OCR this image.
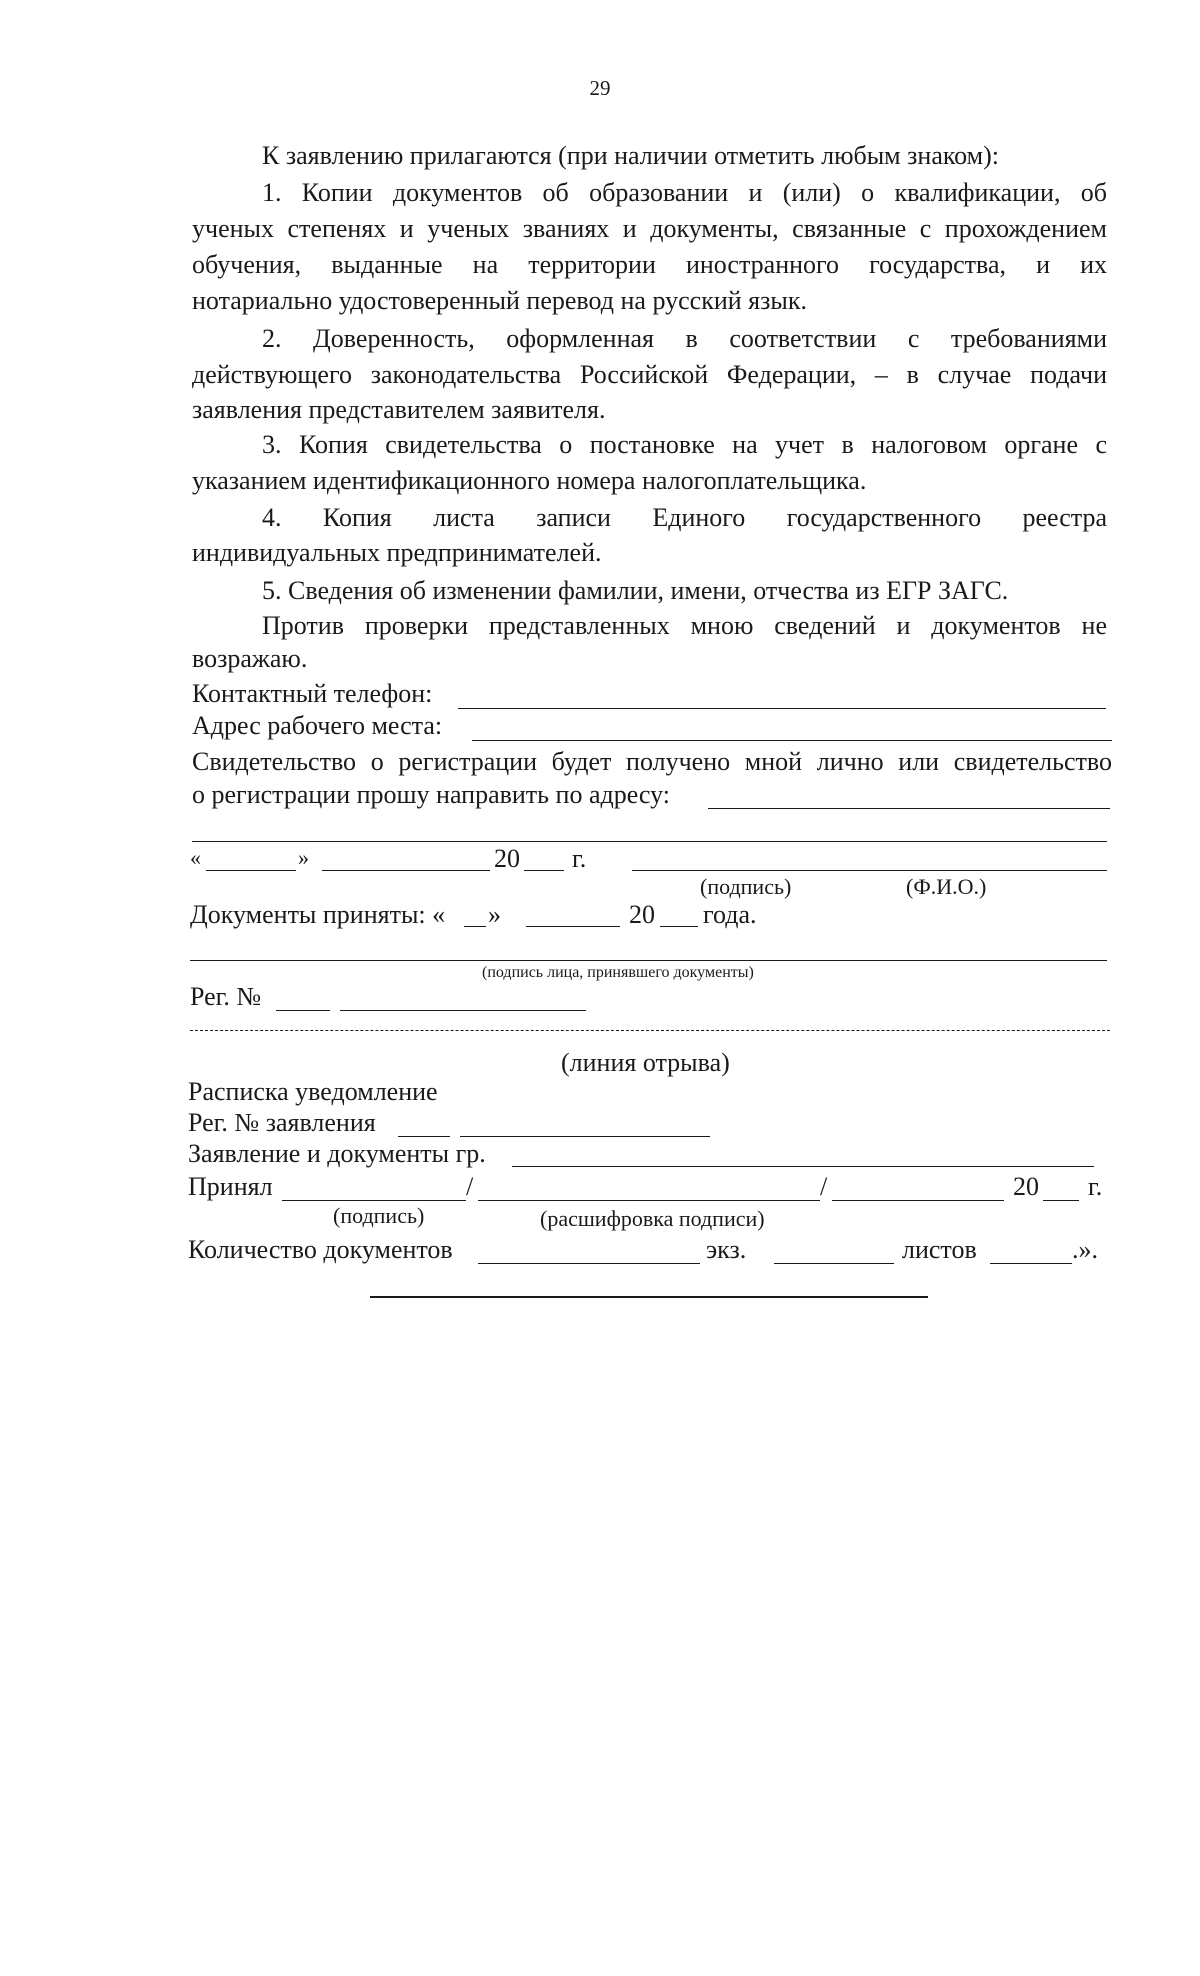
29
К заявлению прилагаются (при наличии отметить любым знаком):
1. Копии документов об образовании и (или) о квалификации, об
ученых степенях и ученых званиях и документы, связанные с прохождением
обучения, выданные на территории иностранного государства, и их
нотариально удостоверенный перевод на русский язык.
2. Доверенность, оформленная в соответствии с требованиями
действующего законодательства Российской Федерации, – в случае подачи
заявления представителем заявителя.
3. Копия свидетельства о постановке на учет в налоговом органе с
указанием идентификационного номера налогоплательщика.
4. Копия листа записи Единого государственного реестра
индивидуальных предпринимателей.
5. Сведения об изменении фамилии, имени, отчества из ЕГР ЗАГС.
Против проверки представленных мною сведений и документов не
возражаю.
Контактный телефон:
Адрес рабочего места:
Свидетельство о регистрации будет получено мной лично или свидетельство
о регистрации прошу направить по адресу:
«	»	20 г.
(подпись)	(Ф.И.О.)
Документы приняты: « »	20 года.
(подпись лица, принявшего документы)
Рег. №
(линия отрыва)
Расписка уведомление
Рег. № заявления
Заявление и документы гр.
Принял	/	/	20 г.
(подпись)	(расшифровка подписи)
Количество документов	экз.	листов	.».
